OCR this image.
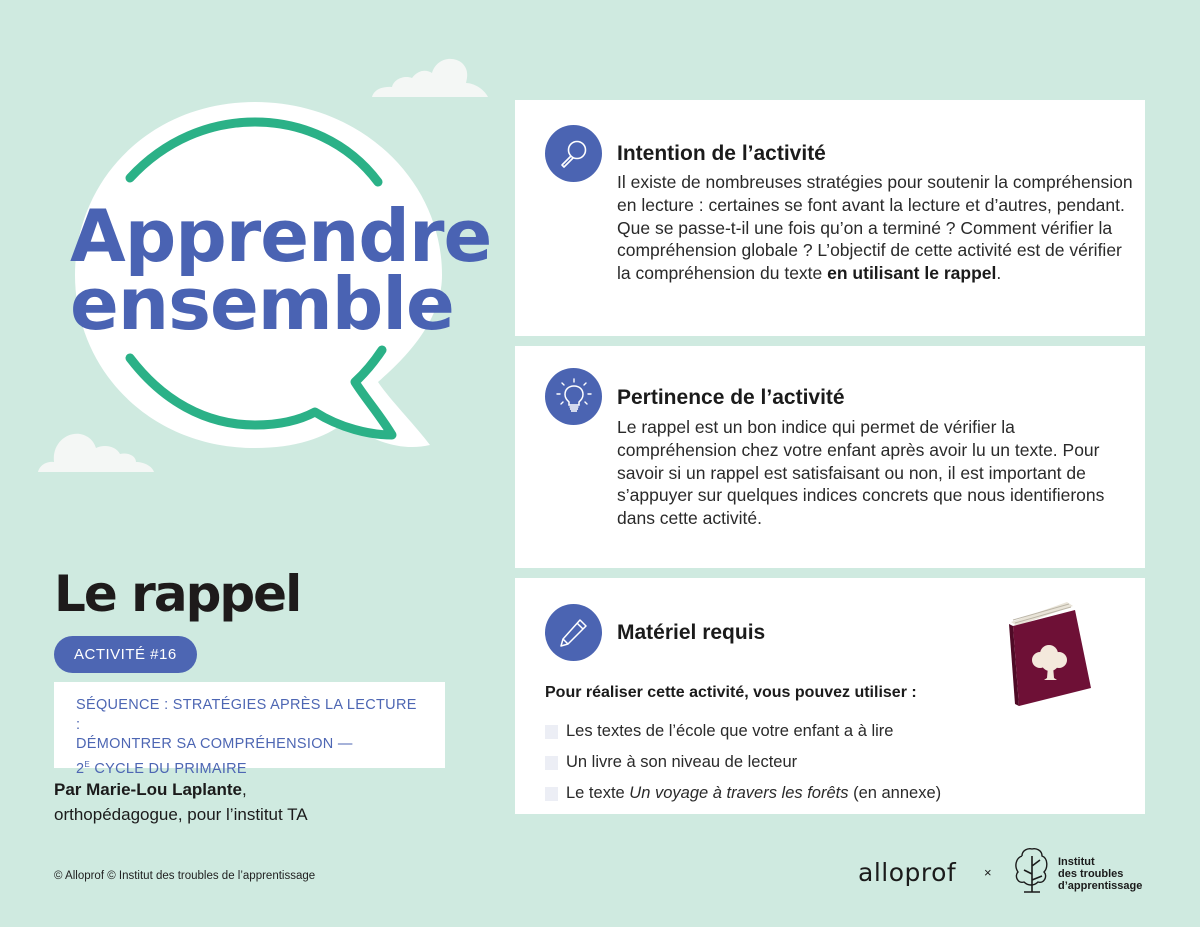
Apprendre
ensemble
Le rappel
ACTIVITÉ #16
SÉQUENCE : STRATÉGIES APRÈS LA LECTURE :
DÉMONTRER SA COMPRÉHENSION —
$2^E$ CYCLE DU PRIMAIRE
Par Marie-Lou Laplante,
orthopédagogue, pour l’institut TA
© Alloprof © Institut des troubles de l’apprentissage
Intention de l’activité

Il existe de nombreuses stratégies pour soutenir la compréhension en lecture : certaines se font avant la lecture et d’autres, pendant. Que se passe-t-il une fois qu’on a terminé ? Comment vérifier la compréhension globale ? L’objectif de cette activité est de vérifier la compréhension du texte en utilisant le rappel.

Pertinence de l’activité

Le rappel est un bon indice qui permet de vérifier la compréhension chez votre enfant après avoir lu un texte. Pour savoir si un rappel est satisfaisant ou non, il est important de s’appuyer sur quelques indices concrets que nous identifierons dans cette activité.

Matériel requis

Pour réaliser cette activité, vous pouvez utiliser :

Les textes de l’école que votre enfant a à lire
Un livre à son niveau de lecteur
Le texte Un voyage à travers les forêts (en annexe)
alloprof ×
Institut
des troubles
d’apprentissage
